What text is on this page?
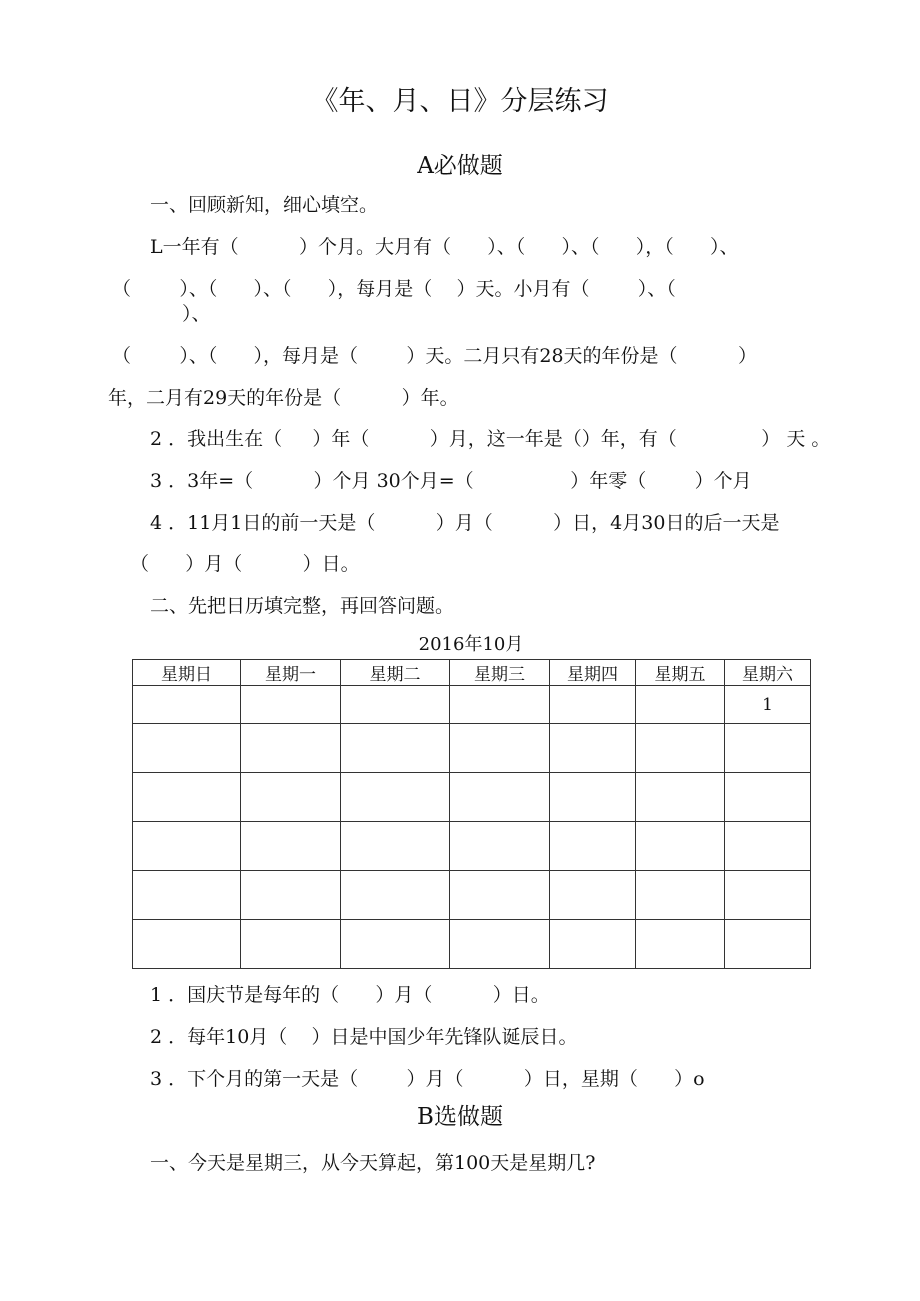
《年、月、日》分层练习
A必做题
一、回顾新知，细心填空。
L一年有（          ）个月。大月有（      ）、（      ）、（      ），（      ）、
（        ）、（      ）、（      ），每月是（    ）天。小月有（        ）、（
）、
（        ）、（      ），每月是（        ）天。二月只有28天的年份是（          ）
年，二月有29天的年份是（          ）年。
2 ．我出生在（     ）年（          ）月，这一年是（）年，有（              ） 天 。
3 ．3年=（          ）个月 30个月=（                ）年零（        ）个月
4 ．11月1日的前一天是（          ）月（          ）日，4月30日的后一天是
（      ）月（          ）日。
二、先把日历填完整，再回答问题。
2016年10月
星期日	星期一	星期二	星期三	星期四	星期五	星期六
						1

1 ．国庆节是每年的（      ）月（          ）日。
2 ．每年10月（    ）日是中国少年先锋队诞辰日。
3 ．下个月的第一天是（        ）月（          ）日，星期（      ）o
B选做题
一、今天是星期三，从今天算起，第100天是星期几?
